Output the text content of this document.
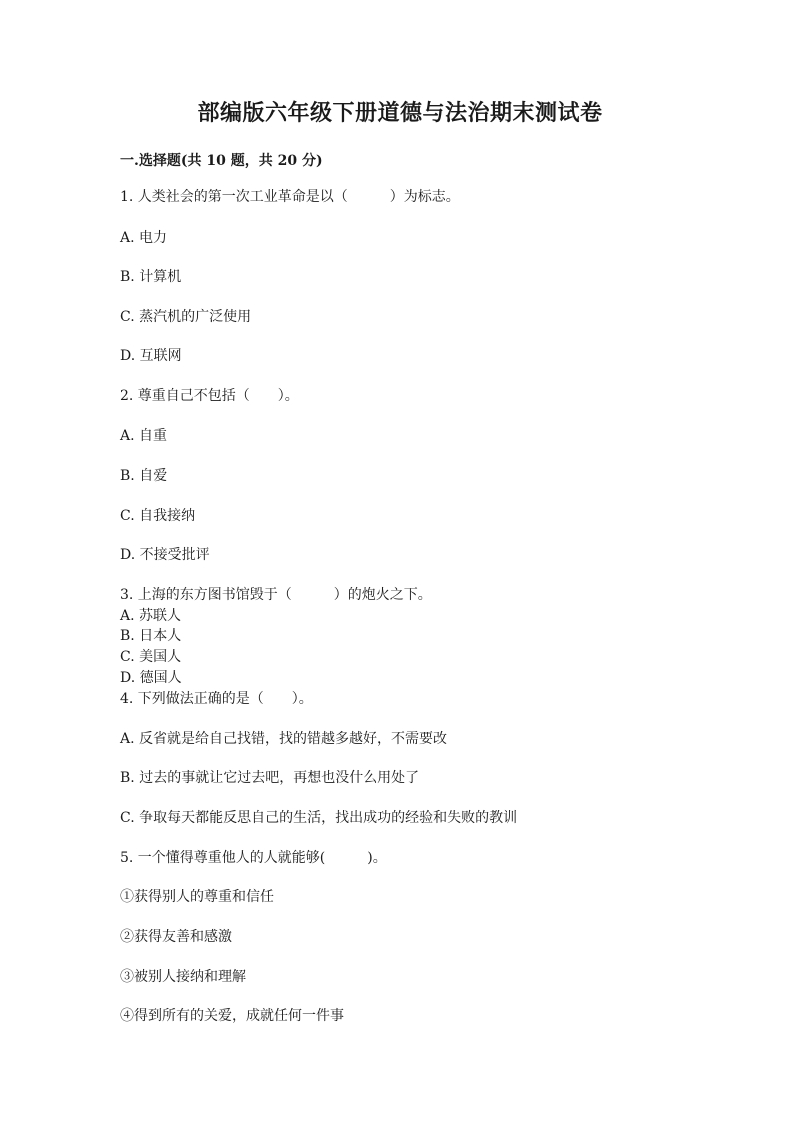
部编版六年级下册道德与法治期末测试卷
一.选择题(共 10 题，共 20 分)
1. 人类社会的第一次工业革命是以（　　　）为标志。
A. 电力
B. 计算机
C. 蒸汽机的广泛使用
D. 互联网
2. 尊重自己不包括（　　）。
A. 自重
B. 自爱
C. 自我接纳
D. 不接受批评
3. 上海的东方图书馆毁于（　　　）的炮火之下。
A. 苏联人
B. 日本人
C. 美国人
D. 德国人
4. 下列做法正确的是（　　）。
A. 反省就是给自己找错，找的错越多越好，不需要改
B. 过去的事就让它过去吧，再想也没什么用处了
C. 争取每天都能反思自己的生活，找出成功的经验和失败的教训
5. 一个懂得尊重他人的人就能够(　　　)。
①获得别人的尊重和信任
②获得友善和感激
③被别人接纳和理解
④得到所有的关爱，成就任何一件事
